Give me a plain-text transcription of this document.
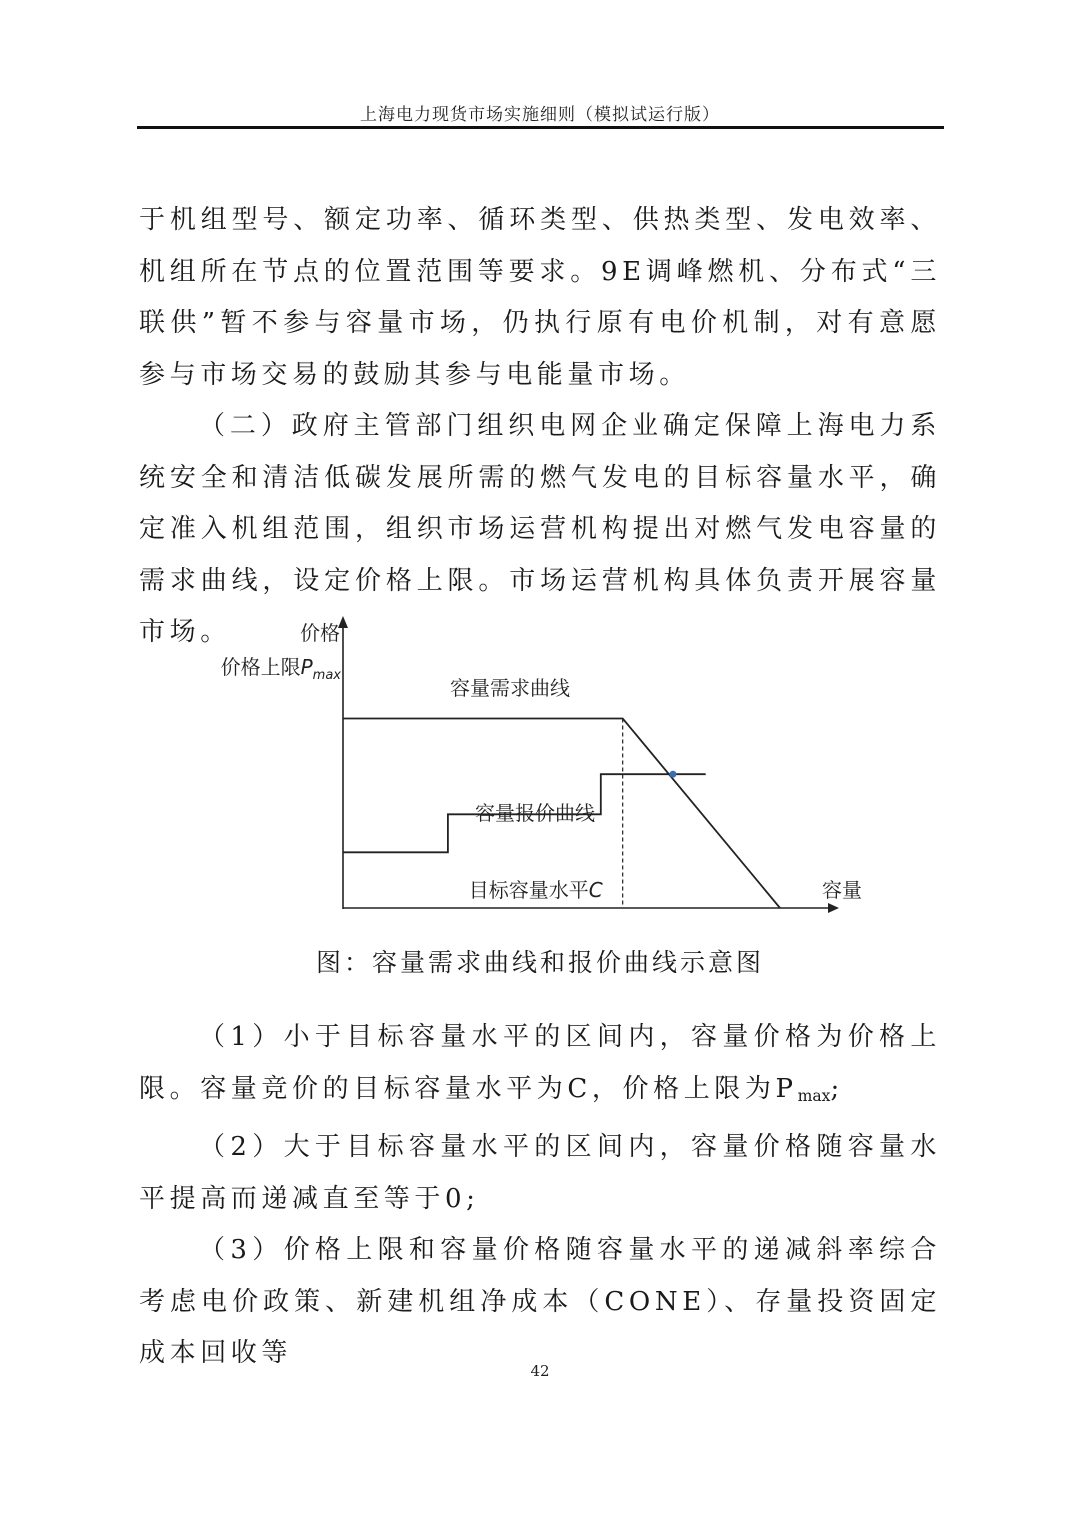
上海电力现货市场实施细则（模拟试运行版）

于机组型号、额定功率、循环类型、供热类型、发电效率、机组所在节点的位置范围等要求。9E调峰燃机、分布式“三联供”暂不参与容量市场，仍执行原有电价机制，对有意愿参与市场交易的鼓励其参与电能量市场。

（二）政府主管部门组织电网企业确定保障上海电力系统安全和清洁低碳发展所需的燃气发电的目标容量水平，确定准入机组范围，组织市场运营机构提出对燃气发电容量的需求曲线，设定价格上限。市场运营机构具体负责开展容量市场。	价格
价格上限$P_{max}$
容量需求曲线
容量报价曲线
目标容量水平C	容量

图：容量需求曲线和报价曲线示意图

（1）小于目标容量水平的区间内，容量价格为价格上限。容量竞价的目标容量水平为C，价格上限为$P_{max}$;

（2）大于目标容量水平的区间内，容量价格随容量水平提高而递减直至等于0;

（3）价格上限和容量价格随容量水平的递减斜率综合考虑电价政策、新建机组净成本（CONE）、存量投资固定成本回收等

42
